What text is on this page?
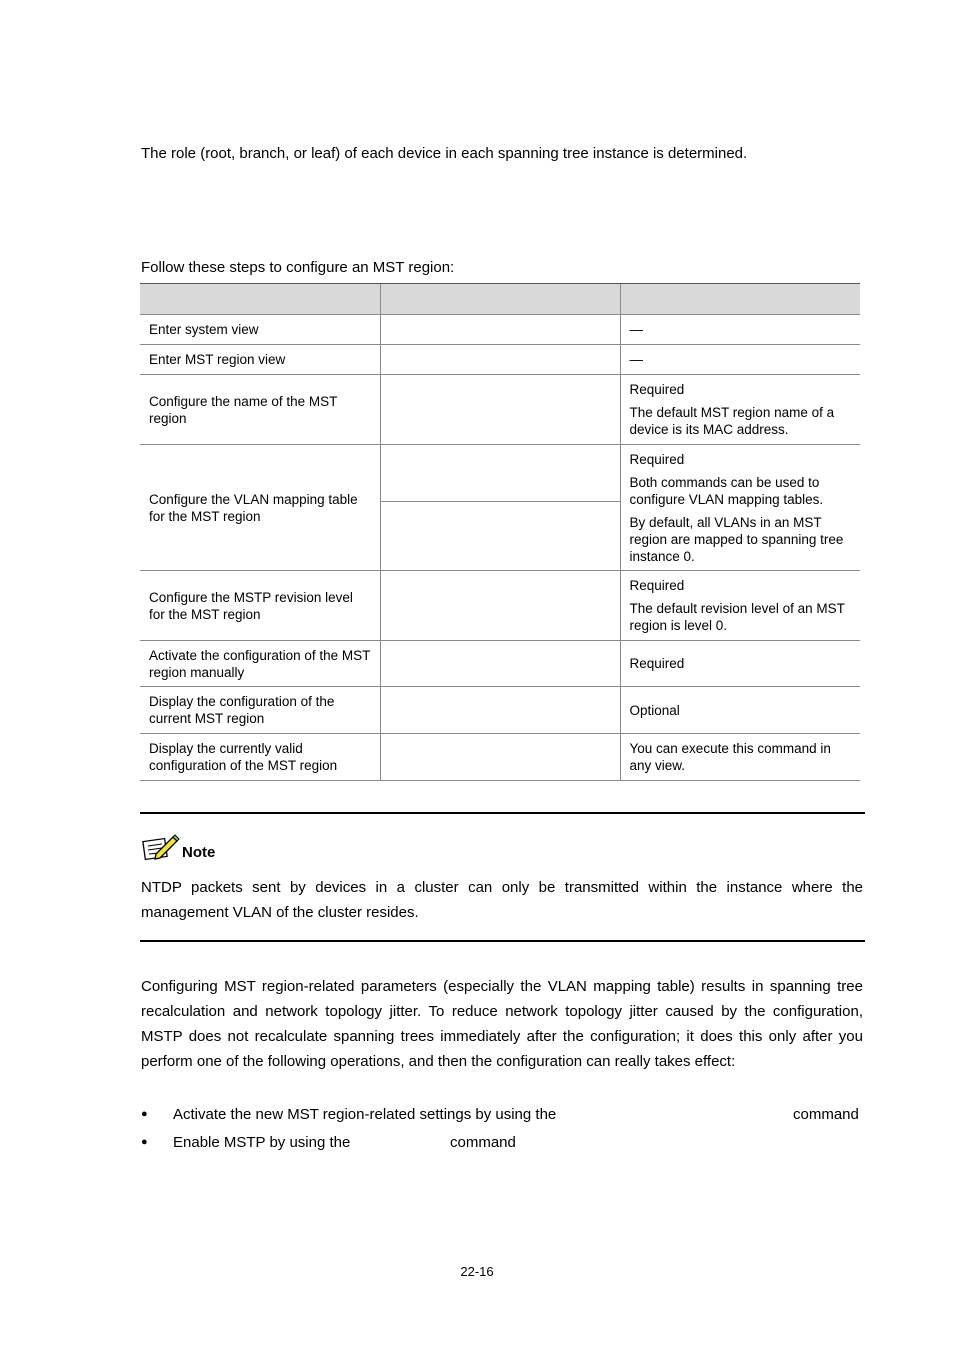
The role (root, branch, or leaf) of each device in each spanning tree instance is determined.

Follow these steps to configure an MST region:

Enter system view		—
Enter MST region view		—
Configure the name of the MST region		Required
The default MST region name of a device is its MAC address.

Configure the VLAN mapping table for the MST region		Required
Both commands can be used to configure VLAN mapping tables.
By default, all VLANs in an MST region are mapped to spanning tree instance 0.

Configure the MSTP revision level for the MST region		Required
The default revision level of an MST region is level 0.

Activate the configuration of the MST region manually		Required
Display the configuration of the current MST region		Optional
Display the currently valid configuration of the MST region		You can execute this command in any view.
Note

NTDP packets sent by devices in a cluster can only be transmitted within the instance where the management VLAN of the cluster resides.

Configuring MST region-related parameters (especially the VLAN mapping table) results in spanning tree recalculation and network topology jitter. To reduce network topology jitter caused by the configuration, MSTP does not recalculate spanning trees immediately after the configuration; it does this only after you perform one of the following operations, and then the configuration can really takes effect:

● Activate the new MST region-related settings by using the	command
● Enable MSTP by using the	command
22-16
